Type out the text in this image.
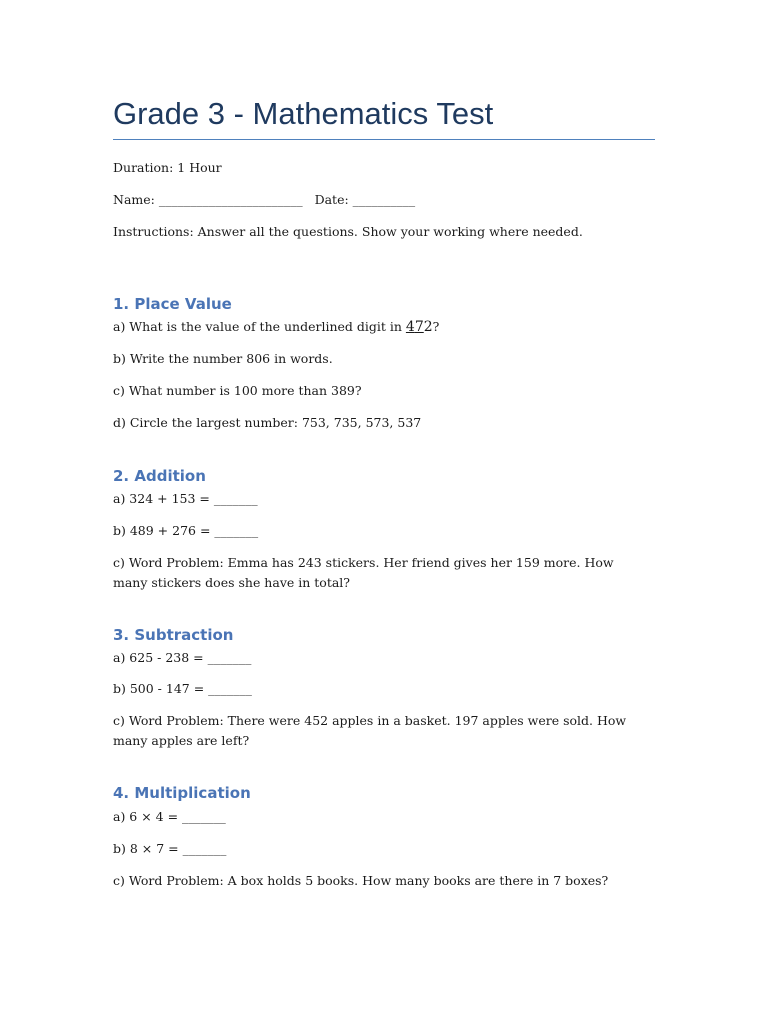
Grade 3 - Mathematics Test
Duration: 1 Hour
Name: _______________________ Date: __________
Instructions: Answer all the questions. Show your working where needed.
1. Place Value
a) What is the value of the underlined digit in 472?
b) Write the number 806 in words.
c) What number is 100 more than 389?
d) Circle the largest number: 753, 735, 573, 537
2. Addition
a) 324 + 153 = _______
b) 489 + 276 = _______
c) Word Problem: Emma has 243 stickers. Her friend gives her 159 more. How many stickers does she have in total?
3. Subtraction
a) 625 - 238 = _______
b) 500 - 147 = _______
c) Word Problem: There were 452 apples in a basket. 197 apples were sold. How many apples are left?
4. Multiplication
a) 6 × 4 = _______
b) 8 × 7 = _______
c) Word Problem: A box holds 5 books. How many books are there in 7 boxes?
